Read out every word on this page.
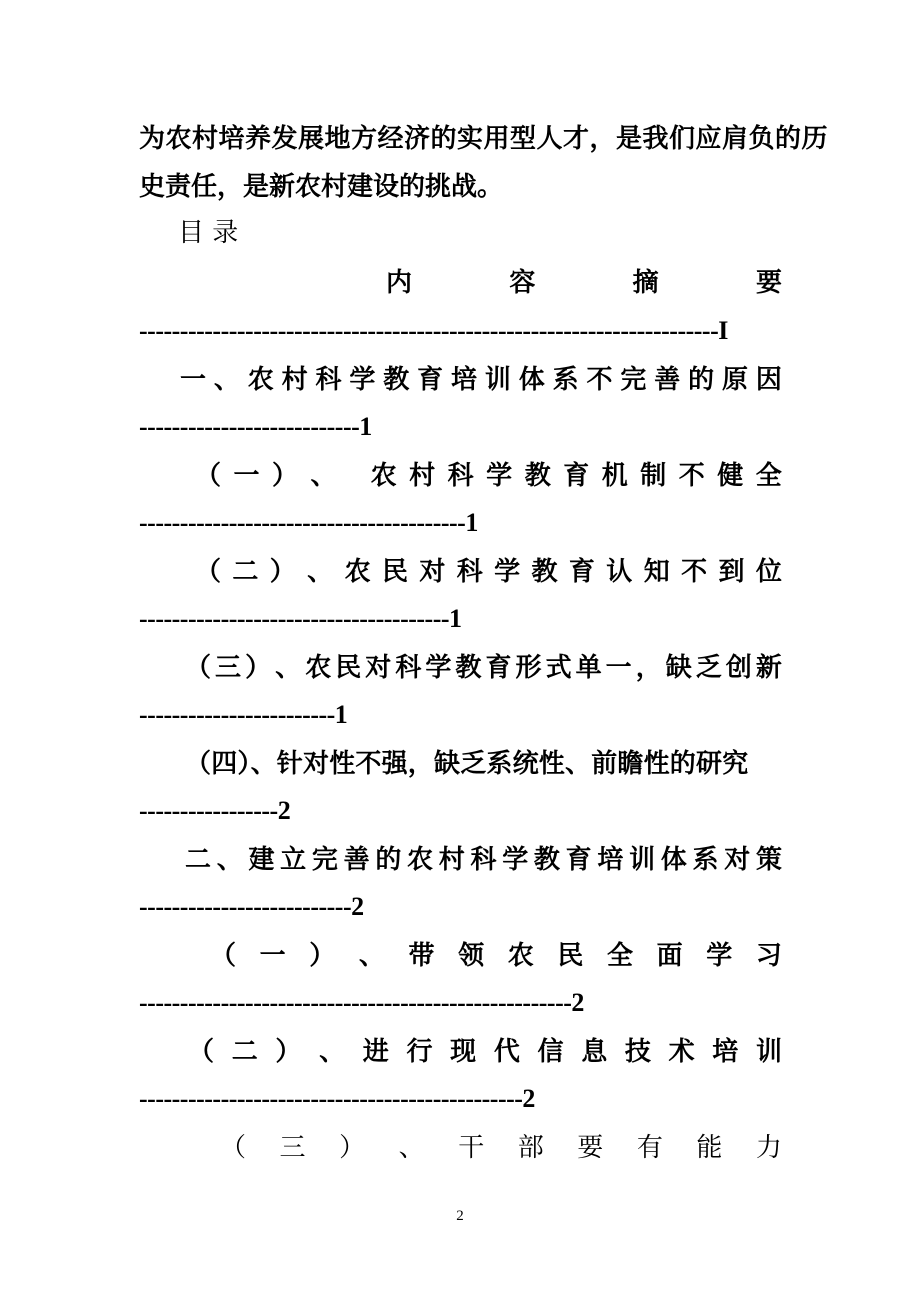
为农村培养发展地方经济的实用型人才，是我们应肩负的历
史责任，是新农村建设的挑战。
目 录
内	容	摘	要
-----------------------------------------------------------------------I
一 、 农 村 科 学 教 育 培 训 体 系 不 完 善 的 原 因
---------------------------1
（ 一 ） 、
农 村 科 学 教 育 机 制 不 健 全
----------------------------------------1
（ 二 ） 、 农 民 对 科 学 教 育 认 知 不 到 位
--------------------------------------1
（ 三 ） 、 农 民 对 科 学 教 育 形 式 单 一 ， 缺 乏 创 新
------------------------1
（四）、针对性不强，缺乏系统性、前瞻性的研究
-----------------2
二 、 建 立 完 善 的 农 村 科 学 教 育 培 训 体 系 对 策
--------------------------2
（ 一 ） 、 带 领 农 民 全 面 学 习
-----------------------------------------------------2
（ 二 ） 、 进 行 现 代 信 息 技 术 培 训
-----------------------------------------------2
（ 三 ） 、 干 部 要 有 能 力
2
